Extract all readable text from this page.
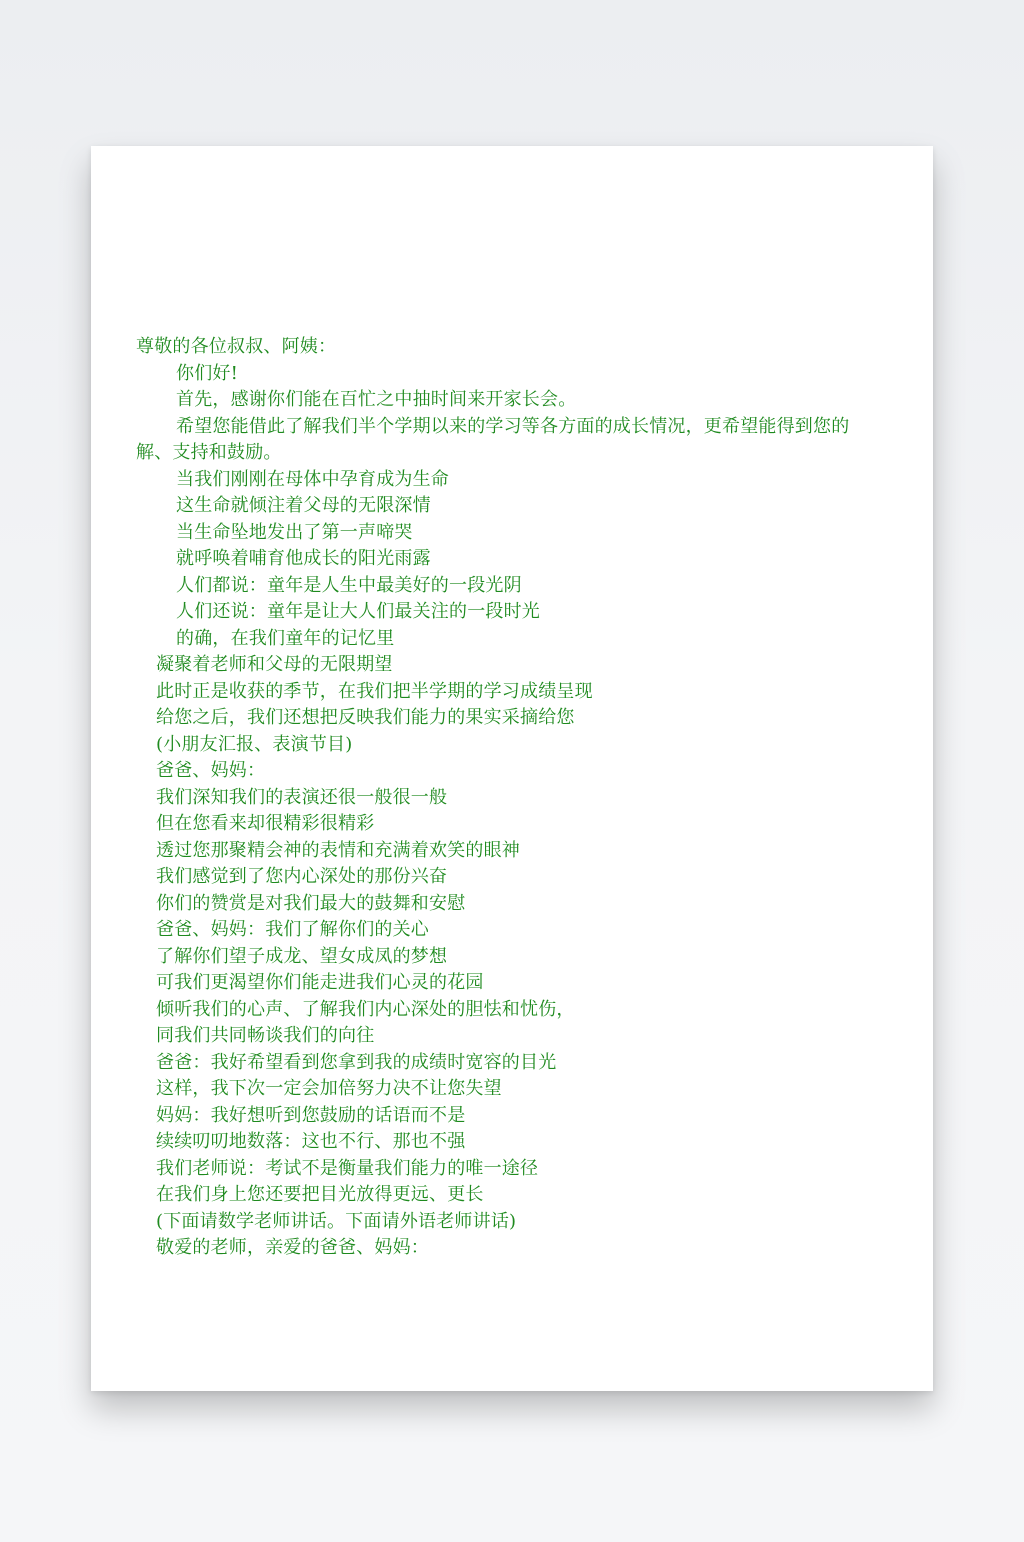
尊敬的各位叔叔、阿姨：
你们好!
首先，感谢你们能在百忙之中抽时间来开家长会。
希望您能借此了解我们半个学期以来的学习等各方面的成长情况，更希望能得到您的
解、支持和鼓励。
当我们刚刚在母体中孕育成为生命
这生命就倾注着父母的无限深情
当生命坠地发出了第一声啼哭
就呼唤着哺育他成长的阳光雨露
人们都说：童年是人生中最美好的一段光阴
人们还说：童年是让大人们最关注的一段时光
的确，在我们童年的记忆里
凝聚着老师和父母的无限期望
此时正是收获的季节，在我们把半学期的学习成绩呈现
给您之后，我们还想把反映我们能力的果实采摘给您
(小朋友汇报、表演节目)
爸爸、妈妈：
我们深知我们的表演还很一般很一般
但在您看来却很精彩很精彩
透过您那聚精会神的表情和充满着欢笑的眼神
我们感觉到了您内心深处的那份兴奋
你们的赞赏是对我们最大的鼓舞和安慰
爸爸、妈妈：我们了解你们的关心
了解你们望子成龙、望女成凤的梦想
可我们更渴望你们能走进我们心灵的花园
倾听我们的心声、了解我们内心深处的胆怯和忧伤，
同我们共同畅谈我们的向往
爸爸：我好希望看到您拿到我的成绩时宽容的目光
这样，我下次一定会加倍努力决不让您失望
妈妈：我好想听到您鼓励的话语而不是
续续叨叨地数落：这也不行、那也不强
我们老师说：考试不是衡量我们能力的唯一途径
在我们身上您还要把目光放得更远、更长
(下面请数学老师讲话。下面请外语老师讲话)
敬爱的老师，亲爱的爸爸、妈妈：
